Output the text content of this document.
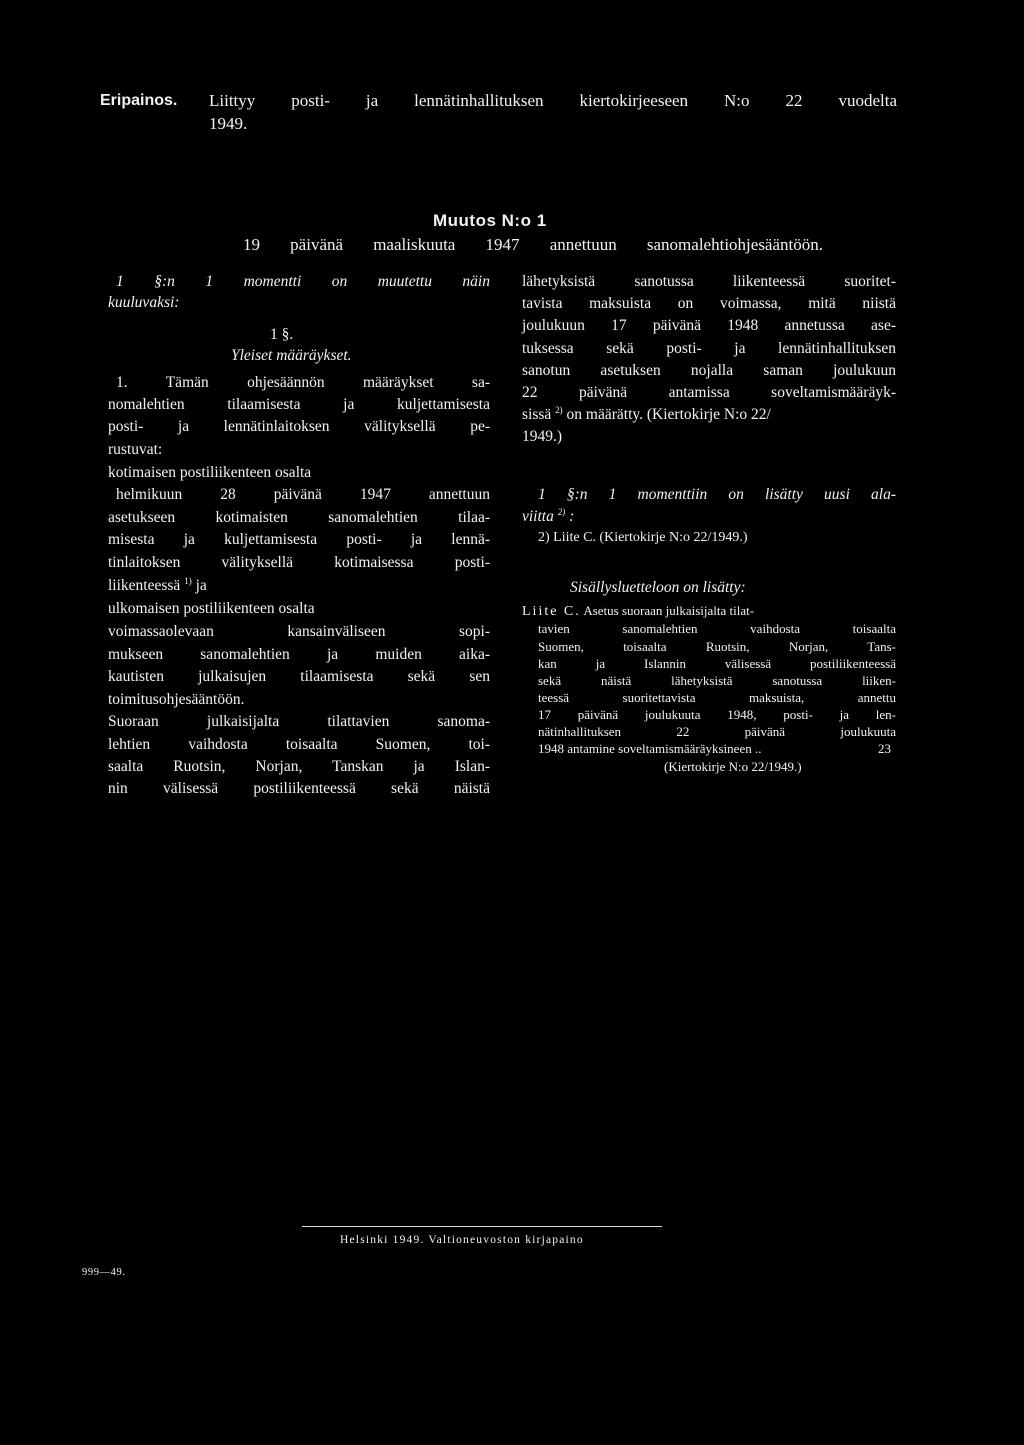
Eripainos. Liittyy posti- ja lennätinhallituksen kiertokirjeeseen N:o 22 vuodelta
1949.
Muutos N:o 1
19 päivänä maaliskuuta 1947 annettuun sanomalehtiohjesääntöön.
1 §:n 1 momentti on muutettu näin
kuuluvaksi:
1 §.
Yleiset määräykset.
1. Tämän ohjesäännön määräykset sa-
nomalehtien tilaamisesta ja kuljettamisesta
posti- ja lennätinlaitoksen välityksellä pe-
rustuvat:
kotimaisen postiliikenteen osalta
helmikuun 28 päivänä 1947 annettuun
asetukseen kotimaisten sanomalehtien tilaa-
misesta ja kuljettamisesta posti- ja lennä-
tinlaitoksen välityksellä kotimaisessa posti-
liikenteessä $^{1)}$ ja
ulkomaisen postiliikenteen osalta
voimassaolevaan kansainväliseen sopi-
mukseen sanomalehtien ja muiden aika-
kautisten julkaisujen tilaamisesta sekä sen
toimitusohjesääntöön.
Suoraan julkaisijalta tilattavien sanoma-
lehtien vaihdosta toisaalta Suomen, toi-
saalta Ruotsin, Norjan, Tanskan ja Islan-
nin välisessä postiliikenteessä sekä näistä
lähetyksistä sanotussa liikenteessä suoritet-
tavista maksuista on voimassa, mitä niistä
joulukuun 17 päivänä 1948 annetussa ase-
tuksessa sekä posti- ja lennätinhallituksen
sanotun asetuksen nojalla saman joulukuun
22 päivänä antamissa soveltamismääräyk-
sissä $^{2)}$ on määrätty. (Kiertokirje N:o 22/
1949.)
1 §:n 1 momenttiin on lisätty uusi ala-
viitta $^{2)}$ :
2) Liite C. (Kiertokirje N:o 22/1949.)
Sisällysluetteloon on lisätty:
Liite C. Asetus suoraan julkaisijalta tilat-
tavien sanomalehtien vaihdosta toisaalta
Suomen, toisaalta Ruotsin, Norjan, Tans-
kan ja Islannin välisessä postiliikenteessä
sekä näistä lähetyksistä sanotussa liiken-
teessä suoritettavista maksuista, annettu
17 päivänä joulukuuta 1948, posti- ja len-
nätinhallituksen 22 päivänä joulukuuta
1948 antamine soveltamismääräyksineen ..	23
(Kiertokirje N:o 22/1949.)
Helsinki 1949. Valtioneuvoston kirjapaino
999—49.
